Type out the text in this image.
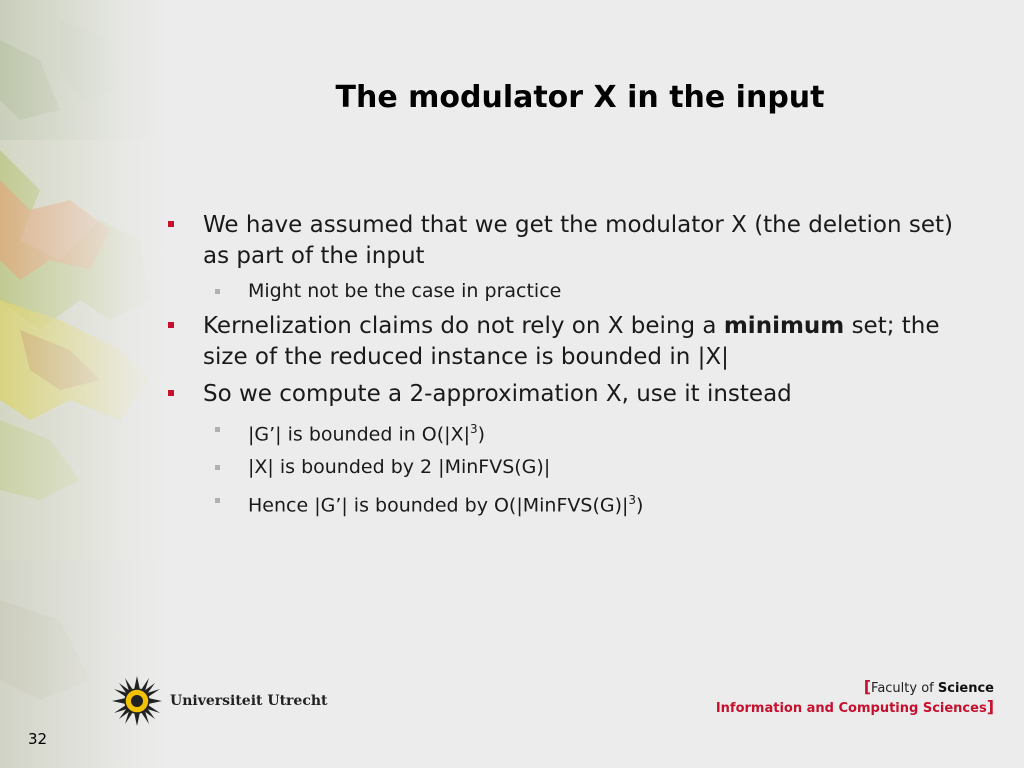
The modulator X in the input
We have assumed that we get the modulator X (the deletion set) as part of the input
Might not be the case in practice
Kernelization claims do not rely on X being a minimum set; the size of the reduced instance is bounded in |X|
So we compute a 2-approximation X, use it instead
|G’| is bounded in $O(|X|^3)$
|X| is bounded by 2 |MinFVS(G)|
Hence |G’| is bounded by $O(|MinFVS(G)|^3)$
Universiteit Utrecht
[Faculty of Science
Information and Computing Sciences]
32
